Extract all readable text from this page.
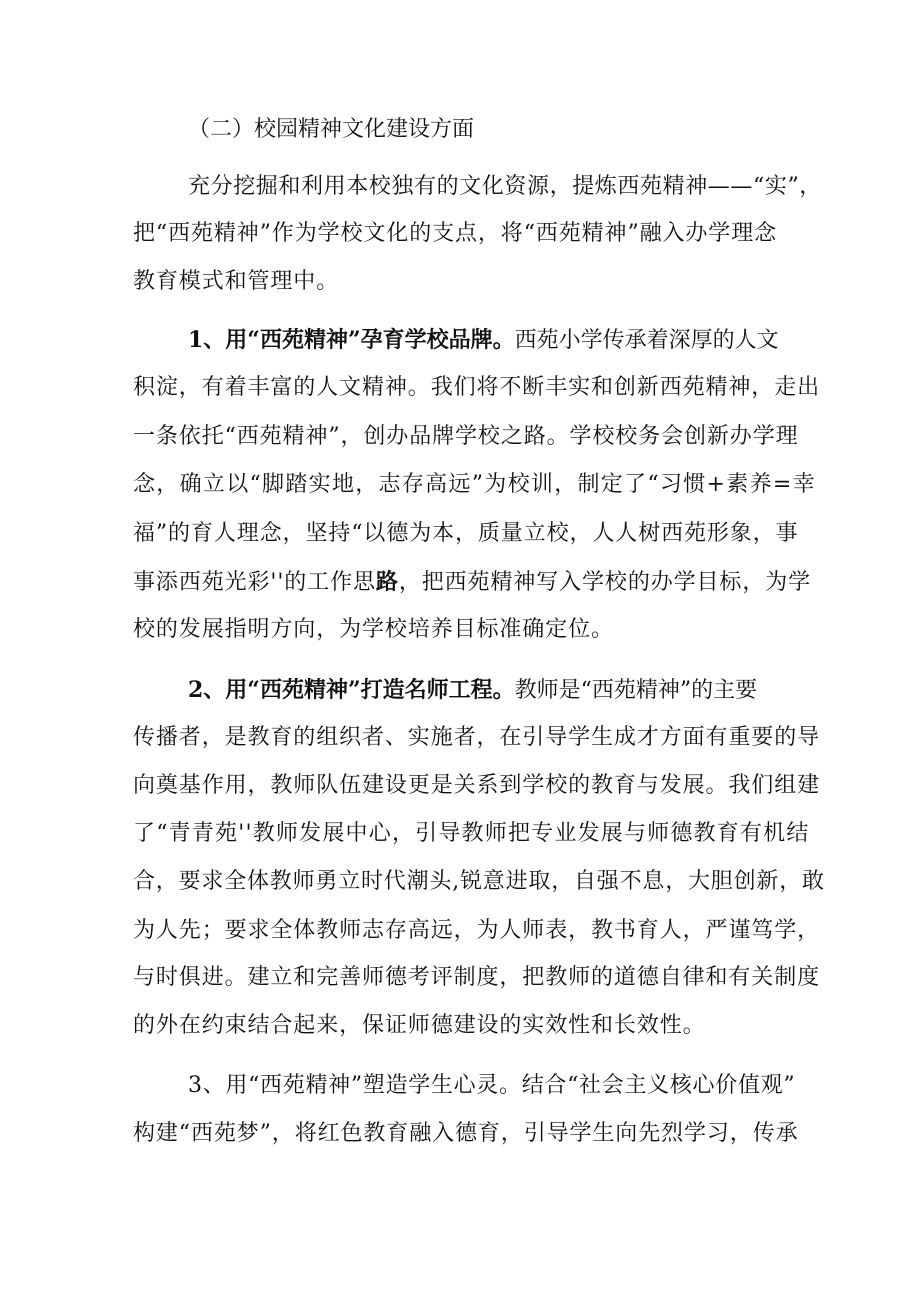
（二）校园精神文化建设方面
充分挖掘和利用本校独有的文化资源，提炼西苑精神——“实”，
把“西苑精神”作为学校文化的支点，将“西苑精神”融入办学理念
教育模式和管理中。
1、用“西苑精神”孕育学校品牌。西苑小学传承着深厚的人文
积淀，有着丰富的人文精神。我们将不断丰实和创新西苑精神，走出
一条依托“西苑精神”，创办品牌学校之路。学校校务会创新办学理
念，确立以“脚踏实地，志存高远”为校训，制定了“习惯+素养=幸
福”的育人理念，坚持“以德为本，质量立校，人人树西苑形象，事
事添西苑光彩''的工作思路，把西苑精神写入学校的办学目标，为学
校的发展指明方向，为学校培养目标准确定位。
2、用“西苑精神”打造名师工程。教师是“西苑精神”的主要
传播者，是教育的组织者、实施者，在引导学生成才方面有重要的导
向奠基作用，教师队伍建设更是关系到学校的教育与发展。我们组建
了“青青苑''教师发展中心，引导教师把专业发展与师德教育有机结
合，要求全体教师勇立时代潮头,锐意进取，自强不息，大胆创新，敢
为人先；要求全体教师志存高远，为人师表，教书育人，严谨笃学，
与时俱进。建立和完善师德考评制度，把教师的道德自律和有关制度
的外在约束结合起来，保证师德建设的实效性和长效性。
3、用“西苑精神”塑造学生心灵。结合“社会主义核心价值观”
构建“西苑梦”，将红色教育融入德育，引导学生向先烈学习，传承
